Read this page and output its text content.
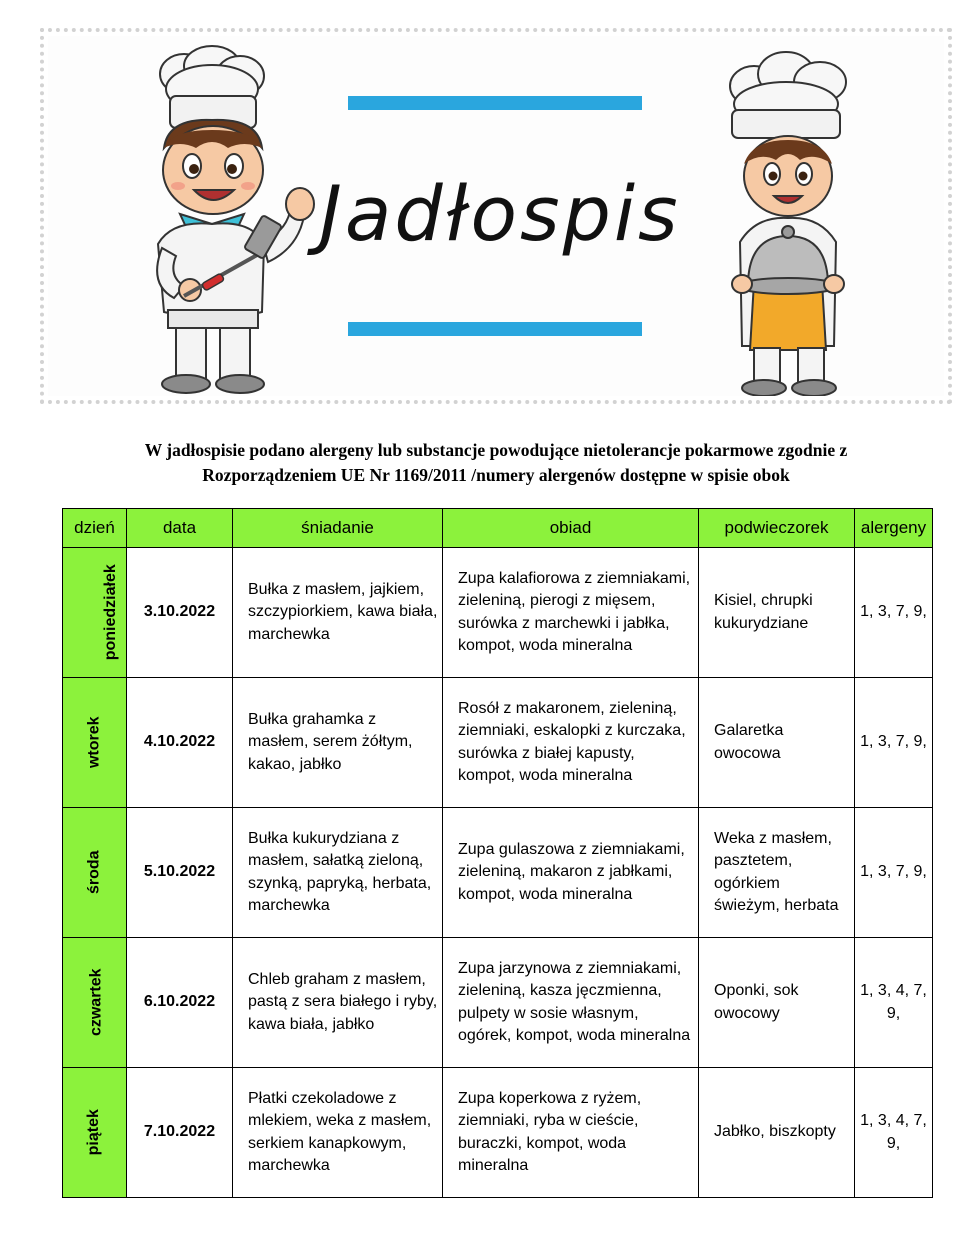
Jadłospis
W jadłospisie podano alergeny lub substancje powodujące nietolerancje pokarmowe zgodnie z
Rozporządzeniem UE Nr 1169/2011 /numery alergenów dostępne w spisie obok
dzień	data	śniadanie	obiad	podwieczorek	alergeny
poniedziałek	3.10.2022	Bułka z masłem, jajkiem, szczypiorkiem, kawa biała, marchewka	Zupa kalafiorowa z ziemniakami, zieleniną, pierogi z mięsem, surówka z marchewki i jabłka, kompot, woda mineralna	Kisiel, chrupki kukurydziane	1, 3, 7, 9,
wtorek	4.10.2022	Bułka grahamka z masłem, serem żółtym, kakao, jabłko	Rosół z makaronem, zieleniną, ziemniaki, eskalopki z kurczaka, surówka z białej kapusty, kompot, woda mineralna	Galaretka owocowa	1, 3, 7, 9,
środa	5.10.2022	Bułka kukurydziana z masłem, sałatką zieloną, szynką, papryką, herbata, marchewka	Zupa gulaszowa z ziemniakami, zieleniną, makaron z jabłkami, kompot, woda mineralna	Weka z masłem, pasztetem, ogórkiem świeżym, herbata	1, 3, 7, 9,
czwartek	6.10.2022	Chleb graham z masłem, pastą z sera białego i ryby, kawa biała, jabłko	Zupa jarzynowa z ziemniakami, zieleniną, kasza jęczmienna, pulpety w sosie własnym, ogórek, kompot, woda mineralna	Oponki, sok owocowy	1, 3, 4, 7, 9,
piątek	7.10.2022	Płatki czekoladowe z mlekiem, weka z masłem, serkiem kanapkowym, marchewka	Zupa koperkowa z ryżem, ziemniaki, ryba w cieście, buraczki, kompot, woda mineralna	Jabłko, biszkopty	1, 3, 4, 7, 9,
